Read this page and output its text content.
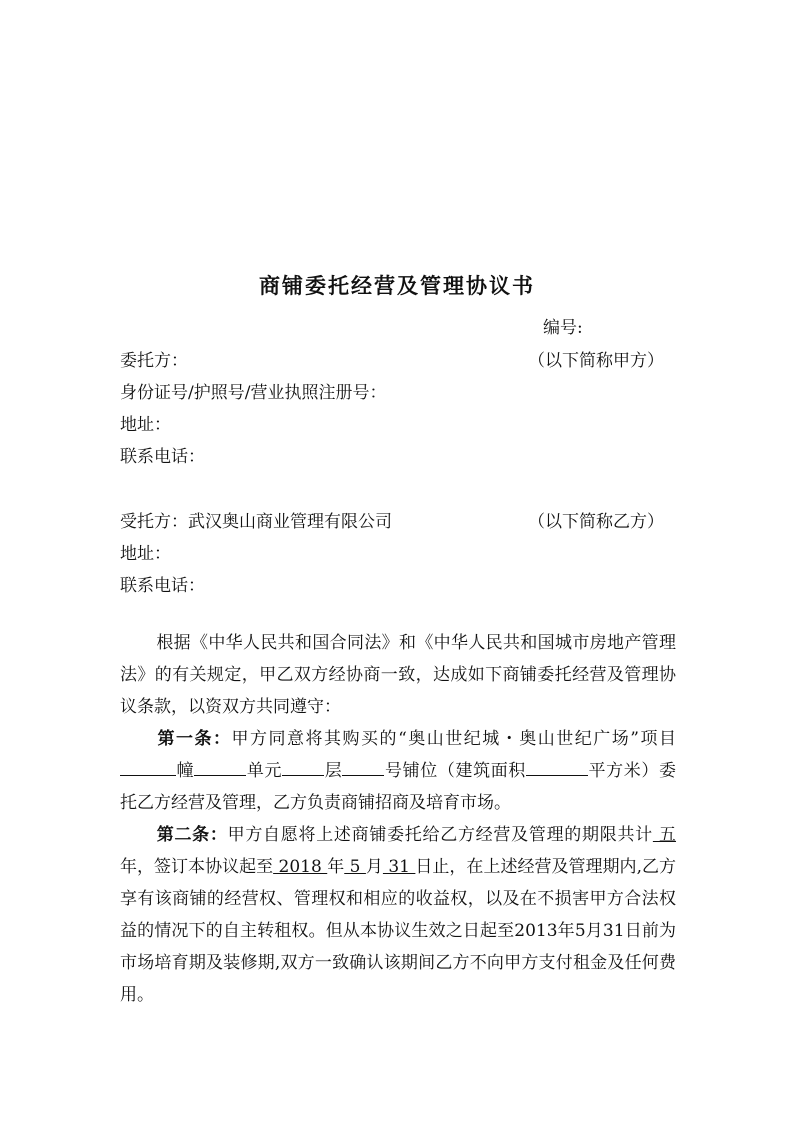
商铺委托经营及管理协议书
编号:
委托方：	（以下简称甲方）
身份证号/护照号/营业执照注册号：
地址：
联系电话：
受托方：武汉奥山商业管理有限公司	（以下简称乙方）
地址：
联系电话：
根据《中华人民共和国合同法》和《中华人民共和国城市房地产管理法》的有关规定，甲乙双方经协商一致，达成如下商铺委托经营及管理协议条款，以资双方共同遵守：
第一条：甲方同意将其购买的“奥山世纪城・奥山世纪广场”项目幢	单元 层 号铺位（建筑面积	平方米）委托乙方经营及管理，乙方负责商铺招商及培育市场。
第二条：甲方自愿将上述商铺委托给乙方经营及管理的期限共计 五 年，签订本协议起至 2018 年 5 月 31 日止，在上述经营及管理期内,乙方享有该商铺的经营权、管理权和相应的收益权，以及在不损害甲方合法权益的情况下的自主转租权。但从本协议生效之日起至2013年5月31日前为市场培育期及装修期,双方一致确认该期间乙方不向甲方支付租金及任何费用。
